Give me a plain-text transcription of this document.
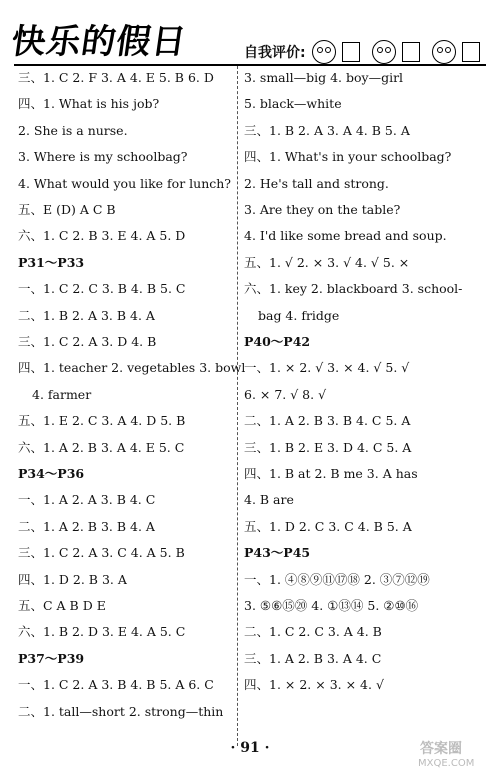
快乐的假日	自我评价:
三、1. C 2. F 3. A 4. E 5. B 6. D
四、1. What is his job?
2. She is a nurse.
3. Where is my schoolbag?
4. What would you like for lunch?
五、E (D) A C B
六、1. C 2. B 3. E 4. A 5. D
P31～P33
一、1. C 2. C 3. B 4. B 5. C
二、1. B 2. A 3. B 4. A
三、1. C 2. A 3. D 4. B
四、1. teacher 2. vegetables 3. bowl
4. farmer
五、1. E 2. C 3. A 4. D 5. B
六、1. A 2. B 3. A 4. E 5. C
P34～P36
一、1. A 2. A 3. B 4. C
二、1. A 2. B 3. B 4. A
三、1. C 2. A 3. C 4. A 5. B
四、1. D 2. B 3. A
五、C A B D E
六、1. B 2. D 3. E 4. A 5. C
P37～P39
一、1. C 2. A 3. B 4. B 5. A 6. C
二、1. tall—short 2. strong—thin
3. small—big 4. boy—girl
5. black—white
三、1. B 2. A 3. A 4. B 5. A
四、1. What's in your schoolbag?
2. He's tall and strong.
3. Are they on the table?
4. I'd like some bread and soup.
五、1. √ 2. × 3. √ 4. √ 5. ×
六、1. key 2. blackboard 3. school-
bag 4. fridge
P40～P42
一、1. × 2. √ 3. × 4. √ 5. √
6. × 7. √ 8. √
二、1. A 2. B 3. B 4. C 5. A
三、1. B 2. E 3. D 4. C 5. A
四、1. B at 2. B me 3. A has
4. B are
五、1. D 2. C 3. C 4. B 5. A
P43～P45
一、1. ④⑧⑨⑪⑰⑱ 2. ③⑦⑫⑲
3. ⑤⑥⑮⑳ 4. ①⑬⑭ 5. ②⑩⑯
二、1. C 2. C 3. A 4. B
三、1. A 2. B 3. A 4. C
四、1. × 2. × 3. × 4. √
· 91 ·	答案圈
MXQE.COM
